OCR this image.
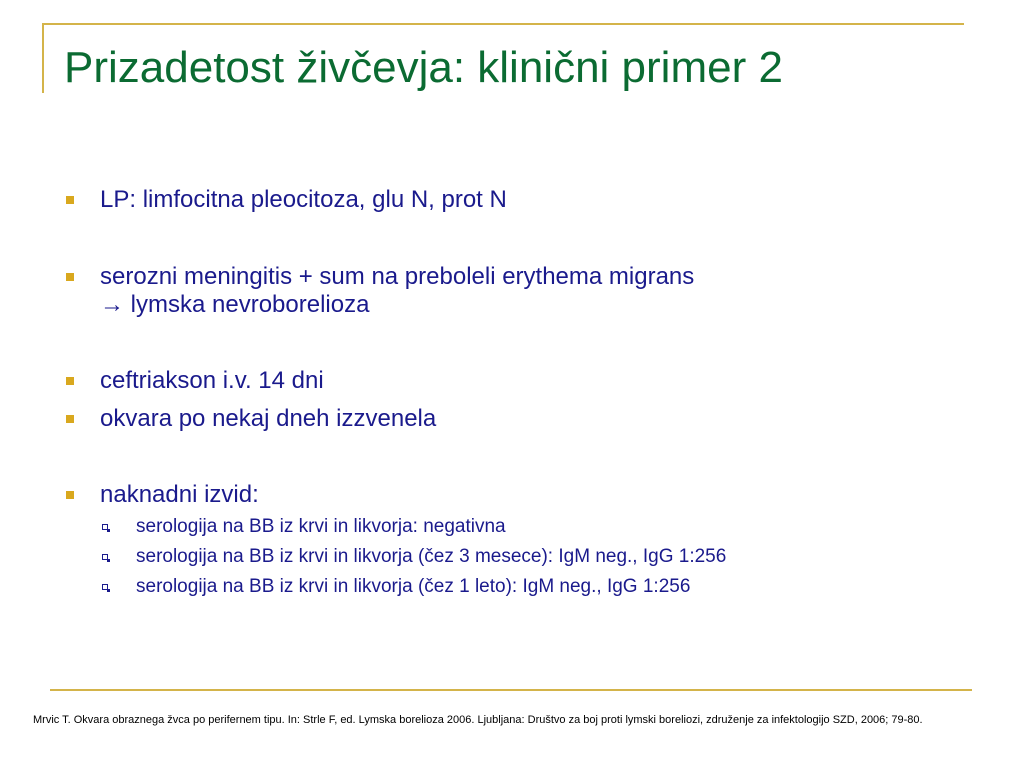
Prizadetost živčevja: klinični primer 2
LP: limfocitna pleocitoza, glu N, prot N
serozni meningitis + sum na preboleli erythema migrans
→ lymska nevroborelioza
ceftriakson i.v. 14 dni
okvara po nekaj dneh izzvenela
naknadni izvid:
serologija na BB iz krvi in likvorja: negativna
serologija na BB iz krvi in likvorja (čez 3 mesece): IgM neg., IgG 1:256
serologija na BB iz krvi in likvorja (čez 1 leto): IgM neg., IgG 1:256
Mrvic T. Okvara obraznega žvca po perifernem tipu. In: Strle F, ed. Lymska borelioza 2006. Ljubljana: Društvo za boj proti lymski boreliozi, združenje za infektologijo SZD, 2006; 79-80.
